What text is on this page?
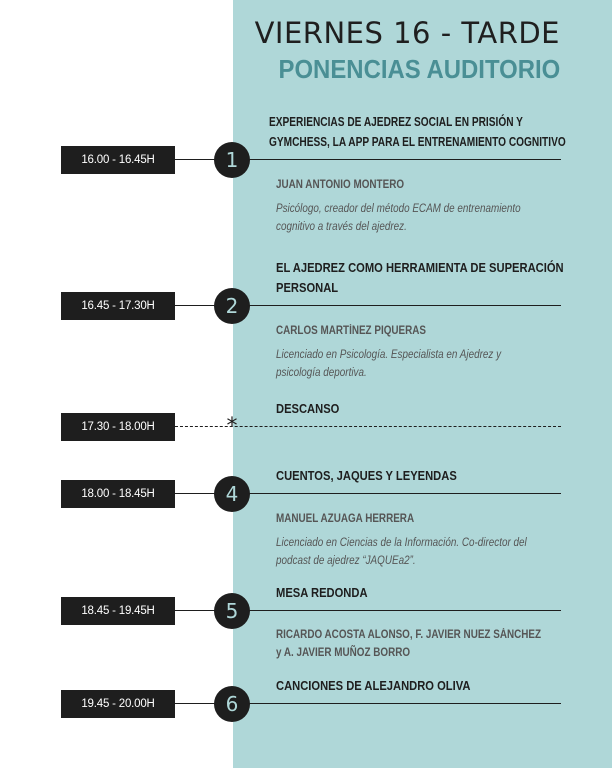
VIERNES 16 - TARDE
PONENCIAS AUDITORIO
EXPERIENCIAS DE AJEDREZ SOCIAL EN PRISIÓN Y
GYMCHESS, LA APP PARA EL ENTRENAMIENTO COGNITIVO
16.00 - 16.45H	1
JUAN ANTONIO MONTERO
Psicólogo, creador del método ECAM de entrenamiento
cognitivo a través del ajedrez.
EL AJEDREZ COMO HERRAMIENTA DE SUPERACIÓN
PERSONAL
16.45 - 17.30H	2
CARLOS MARTÍNEZ PIQUERAS
Licenciado en Psicología. Especialista en Ajedrez y
psicología deportiva.
DESCANSO
17.30 - 18.00H	*
CUENTOS, JAQUES Y LEYENDAS
18.00 - 18.45H	4
MANUEL AZUAGA HERRERA
Licenciado en Ciencias de la Información. Co-director del
podcast de ajedrez “JAQUEa2”.
MESA REDONDA
18.45 - 19.45H	5
RICARDO ACOSTA ALONSO, F. JAVIER NUEZ SÁNCHEZ
y A. JAVIER MUÑOZ BORRO
CANCIONES DE ALEJANDRO OLIVA
19.45 - 20.00H	6
